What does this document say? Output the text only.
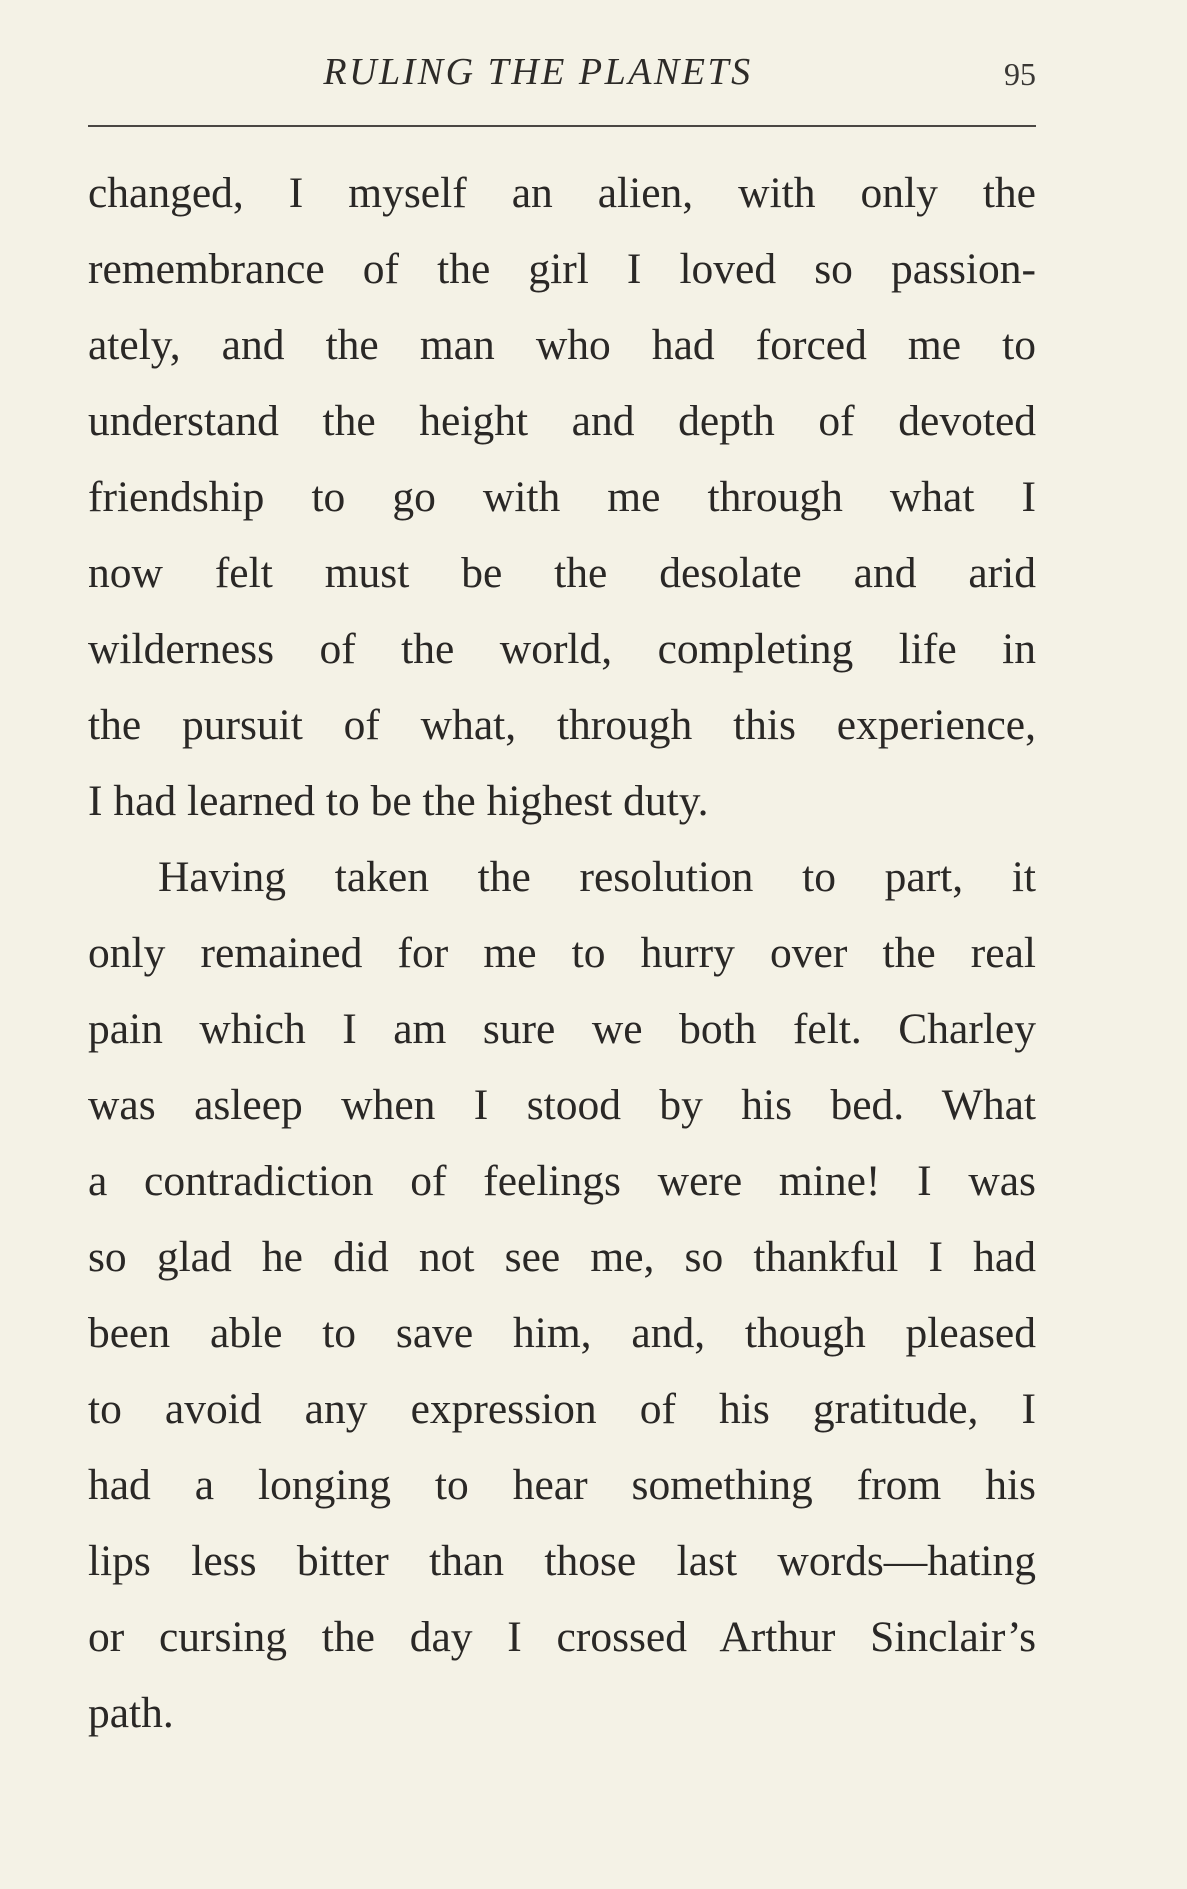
RULING THE PLANETS	95
changed, I myself an alien, with only the
remembrance of the girl I loved so passion-
ately, and the man who had forced me to
understand the height and depth of devoted
friendship to go with me through what I
now felt must be the desolate and arid
wilderness of the world, completing life in
the pursuit of what, through this experience,
I had learned to be the highest duty.
Having taken the resolution to part, it
only remained for me to hurry over the real
pain which I am sure we both felt. Charley
was asleep when I stood by his bed. What
a contradiction of feelings were mine! I was
so glad he did not see me, so thankful I had
been able to save him, and, though pleased
to avoid any expression of his gratitude, I
had a longing to hear something from his
lips less bitter than those last words—hating
or cursing the day I crossed Arthur Sinclair’s
path.
